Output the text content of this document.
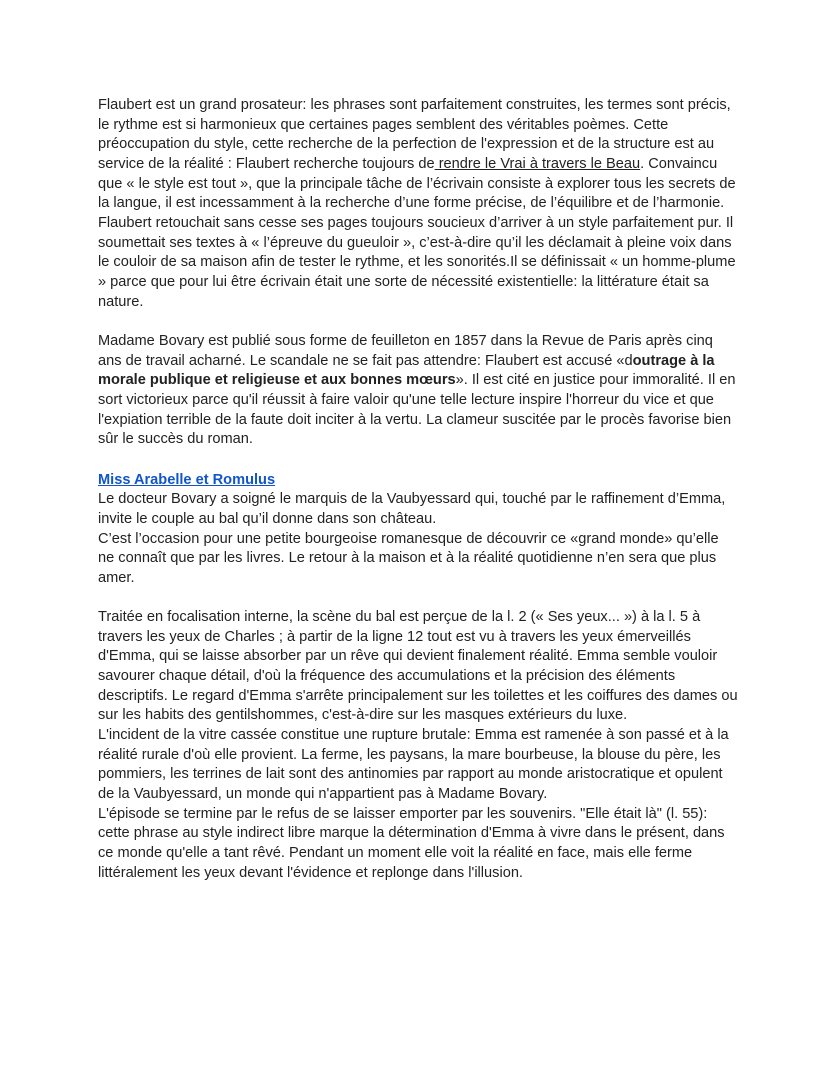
Flaubert est un grand prosateur: les phrases sont parfaitement construites, les termes sont précis, le rythme est si harmonieux que certaines pages semblent des véritables poèmes. Cette préoccupation du style, cette recherche de la perfection de l'expression et de la structure est au service de la réalité : Flaubert recherche toujours de rendre le Vrai à travers le Beau. Convaincu que « le style est tout », que la principale tâche de l’écrivain consiste à explorer tous les secrets de la langue, il est incessamment à la recherche d’une forme précise, de l’équilibre et de l’harmonie. Flaubert retouchait sans cesse ses pages toujours soucieux d’arriver à un style parfaitement pur. Il soumettait ses textes à « l’épreuve du gueuloir », c’est-à-dire qu’il les déclamait à pleine voix dans le couloir de sa maison afin de tester le rythme, et les sonorités.Il se définissait « un homme-plume » parce que pour lui être écrivain était une sorte de nécessité existentielle: la littérature était sa nature.

Madame Bovary est publié sous forme de feuilleton en 1857 dans la Revue de Paris après cinq ans de travail acharné. Le scandale ne se fait pas attendre: Flaubert est accusé «doutrage à la morale publique et religieuse et aux bonnes mœurs». Il est cité en justice pour immoralité. Il en sort victorieux parce qu'il réussit à faire valoir qu'une telle lecture inspire l'horreur du vice et que l'expiation terrible de la faute doit inciter à la vertu. La clameur suscitée par le procès favorise bien sûr le succès du roman.

Miss Arabelle et Romulus

Le docteur Bovary a soigné le marquis de la Vaubyessard qui, touché par le raffinement d’Emma, invite le couple au bal qu’il donne dans son château.

C’est l’occasion pour une petite bourgeoise romanesque de découvrir ce «grand monde» qu’elle ne connaît que par les livres. Le retour à la maison et à la réalité quotidienne n’en sera que plus amer.

Traitée en focalisation interne, la scène du bal est perçue de la l. 2 (« Ses yeux... ») à la l. 5 à travers les yeux de Charles ; à partir de la ligne 12 tout est vu à travers les yeux émerveillés d'Emma, qui se laisse absorber par un rêve qui devient finalement réalité. Emma semble vouloir savourer chaque détail, d'où la fréquence des accumulations et la précision des éléments descriptifs. Le regard d'Emma s'arrête principalement sur les toilettes et les coiffures des dames ou sur les habits des gentilshommes, c'est-à-dire sur les masques extérieurs du luxe.

L'incident de la vitre cassée constitue une rupture brutale: Emma est ramenée à son passé et à la réalité rurale d'où elle provient. La ferme, les paysans, la mare bourbeuse, la blouse du père, les pommiers, les terrines de lait sont des antinomies par rapport au monde aristocratique et opulent de la Vaubyessard, un monde qui n'appartient pas à Madame Bovary.

L'épisode se termine par le refus de se laisser emporter par les souvenirs. "Elle était là" (l. 55): cette phrase au style indirect libre marque la détermination d'Emma à vivre dans le présent, dans ce monde qu'elle a tant rêvé. Pendant un moment elle voit la réalité en face, mais elle ferme littéralement les yeux devant l'évidence et replonge dans l'illusion.
